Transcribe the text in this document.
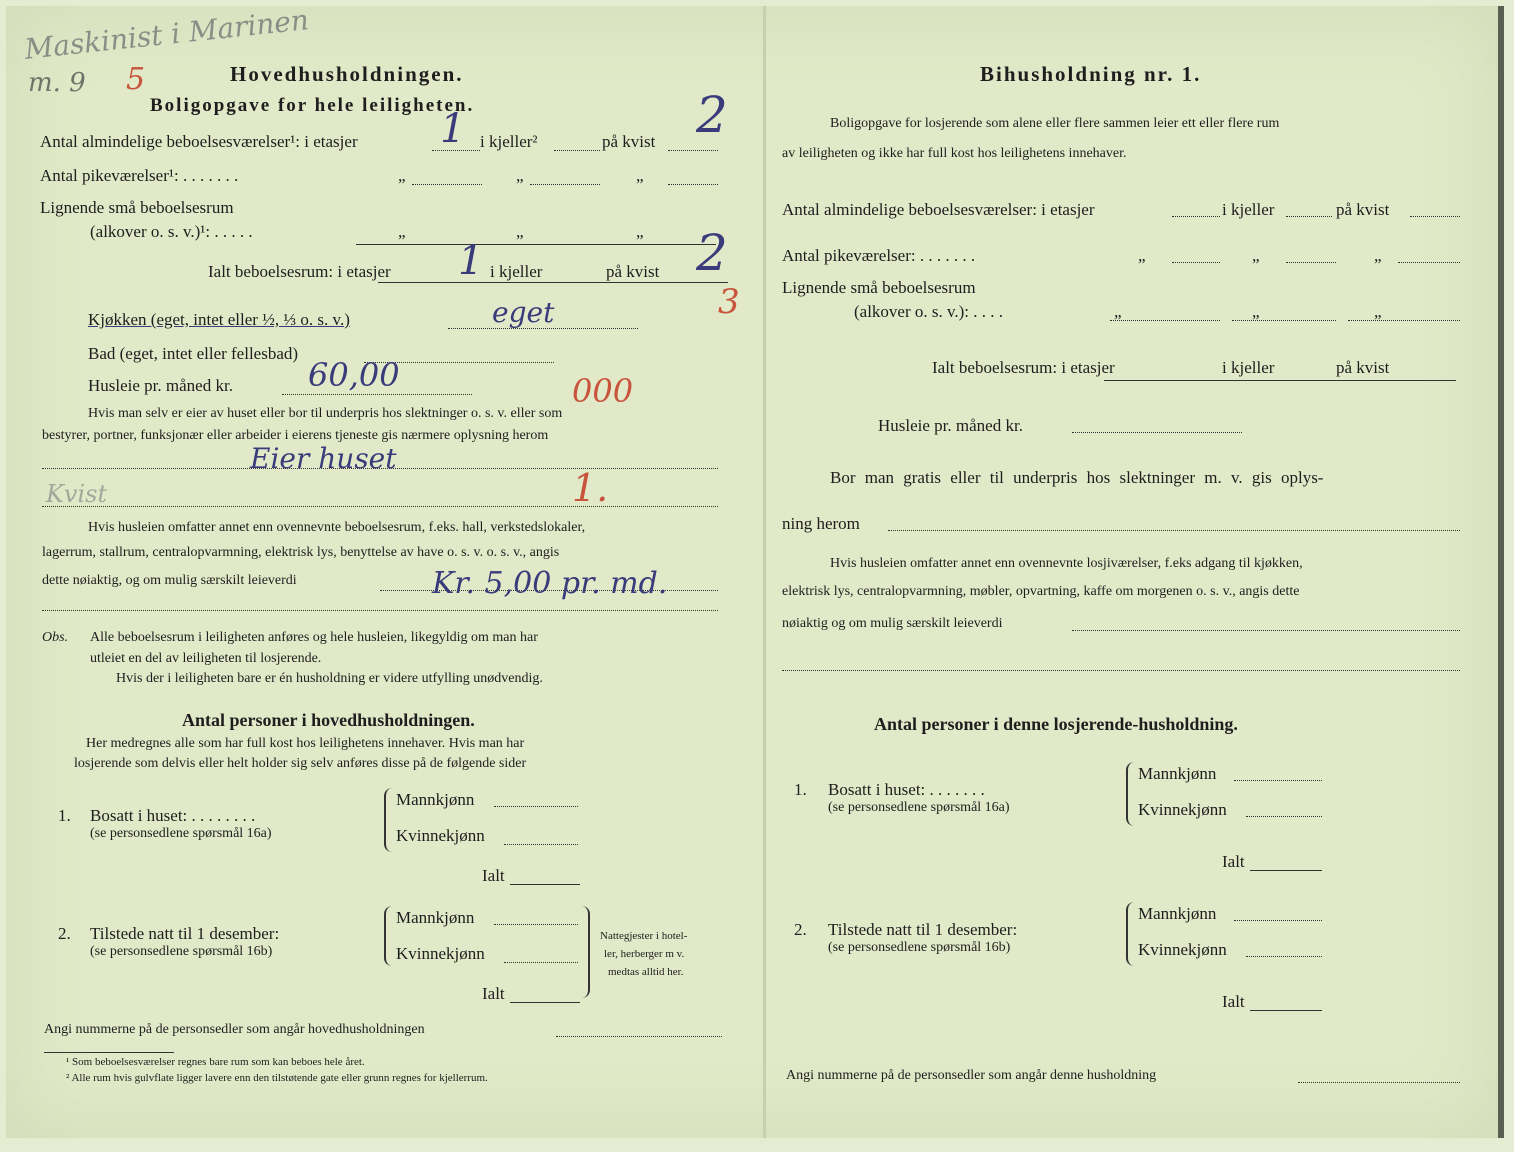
Maskinist i Marinen
m. 9 5	Hovedhusholdningen.
Boligopgave for hele leiligheten.
Antal almindelige beboelsesværelser¹: i etasjer 1 i kjeller²	på kvist 2
Antal pikeværelser¹: . . . . . . .	„	„	„
Lignende små beboelsesrum
(alkover o. s. v.)¹: . . . . .	„	„	„
Ialt beboelsesrum: i etasjer 1 i kjeller	på kvist 2
3
Kjøkken (eget, intet eller ½, ⅓ o. s. v.)	eget
Bad (eget, intet eller fellesbad)
Husleie pr. måned kr. 60,00	000
Hvis man selv er eier av huset eller bor til underpris hos slektninger o. s. v. eller som
bestyrer, portner, funksjonær eller arbeider i eierens tjeneste gis nærmere oplysning herom
Eier huset
Kvist	1.
Hvis husleien omfatter annet enn ovennevnte beboelsesrum, f.eks. hall, verkstedslokaler,
lagerrum, stallrum, centralopvarmning, elektrisk lys, benyttelse av have o. s. v. o. s. v., angis
dette nøiaktig, og om mulig særskilt leieverdi	Kr. 5,00 pr. md.
Obs. Alle beboelsesrum i leiligheten anføres og hele husleien, likegyldig om man har
utleiet en del av leiligheten til losjerende.
Hvis der i leiligheten bare er én husholdning er videre utfylling unødvendig.
Antal personer i hovedhusholdningen.
Her medregnes alle som har full kost hos leilighetens innehaver. Hvis man har
losjerende som delvis eller helt holder sig selv anføres disse på de følgende sider
1. Bosatt i huset: . . . . . . . .
(se personsedlene spørsmål 16a)
Mannkjønn
Kvinnekjønn
Ialt
2. Tilstede natt til 1 desember:
(se personsedlene spørsmål 16b)
Mannkjønn
Kvinnekjønn
Ialt
Nattegjester i hotel-
ler, herberger m v.
medtas alltid her.
Angi nummerne på de personsedler som angår hovedhusholdningen
¹ Som beboelsesværelser regnes bare rum som kan beboes hele året.
² Alle rum hvis gulvflate ligger lavere enn den tilstøtende gate eller grunn regnes for kjellerrum.
Bihusholdning nr. 1.
Boligopgave for losjerende som alene eller flere sammen leier ett eller flere rum
av leiligheten og ikke har full kost hos leilighetens innehaver.
Antal almindelige beboelsesværelser: i etasjer	i kjeller	på kvist
Antal pikeværelser: . . . . . . .	„	„	„
Lignende små beboelsesrum
(alkover o. s. v.): . . . .	„	„	„
Ialt beboelsesrum: i etasjer	i kjeller	på kvist
Husleie pr. måned kr.
Bor man gratis eller til underpris hos slektninger m. v. gis oplys-
ning herom
Hvis husleien omfatter annet enn ovennevnte losjiværelser, f.eks adgang til kjøkken,
elektrisk lys, centralopvarmning, møbler, opvartning, kaffe om morgenen o. s. v., angis dette
nøiaktig og om mulig særskilt leieverdi
Antal personer i denne losjerende-husholdning.
1. Bosatt i huset: . . . . . . .
(se personsedlene spørsmål 16a)
Mannkjønn
Kvinnekjønn
Ialt
2. Tilstede natt til 1 desember:
(se personsedlene spørsmål 16b)
Mannkjønn
Kvinnekjønn
Ialt
Angi nummerne på de personsedler som angår denne husholdning
